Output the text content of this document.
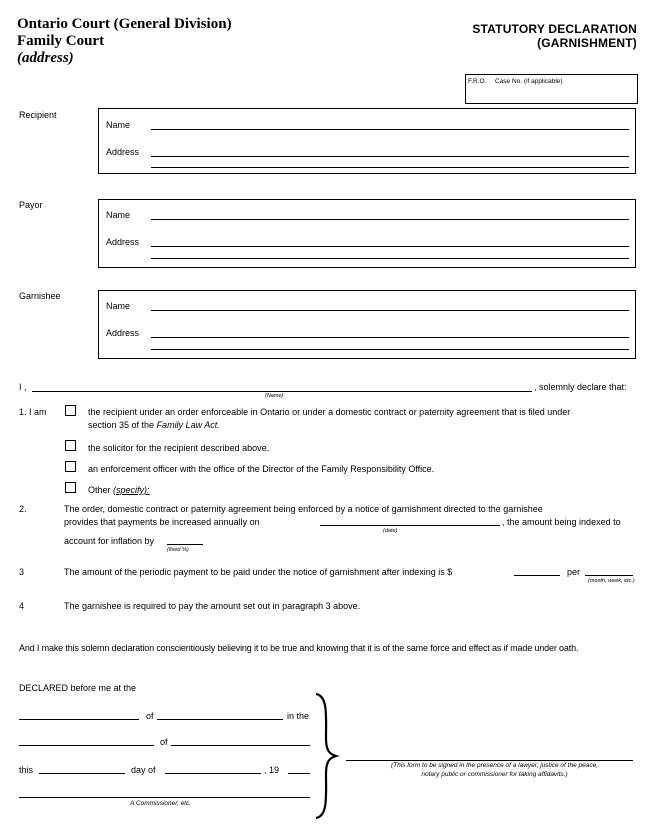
Ontario Court (General Division)
Family Court
(address)
STATUTORY DECLARATION
(GARNISHMENT)
F.R.O. Case No. (if applicable)
Recipient
Name
Address
Payor
Name
Address
Garnishee
Name
Address
I ,
(Name)
, solemnly declare that:
1. I am	the recipient under an order enforceable in Ontario or under a domestic contract or paternity agreement that is filed under
section 35 of the Family Law Act.
the solicitor for the recipient described above.
an enforcement officer with the office of the Director of the Family Responsibility Office.
Other (specify):
2.	The order, domestic contract or paternity agreement being enforced by a notice of garnishment directed to the garnishee
provides that payments be increased annually on
(date)
, the amount being indexed to
account for inflation by
(fixed %)
3	The amount of the periodic payment to be paid under the notice of garnishment after indexing is $	per
(month, week, etc.)
4	The garnishee is required to pay the amount set out in paragraph 3 above.
And I make this solemn declaration conscientiously believing it to be true and knowing that it is of the same force and effect as if made under oath.
DECLARED before me at the
of	in the
of
this	day of	, 19
A Commissioner, etc.
(This form to be signed in the presence of a lawyer, justice of the peace,
notary public or commissioner for taking affidavits.)
